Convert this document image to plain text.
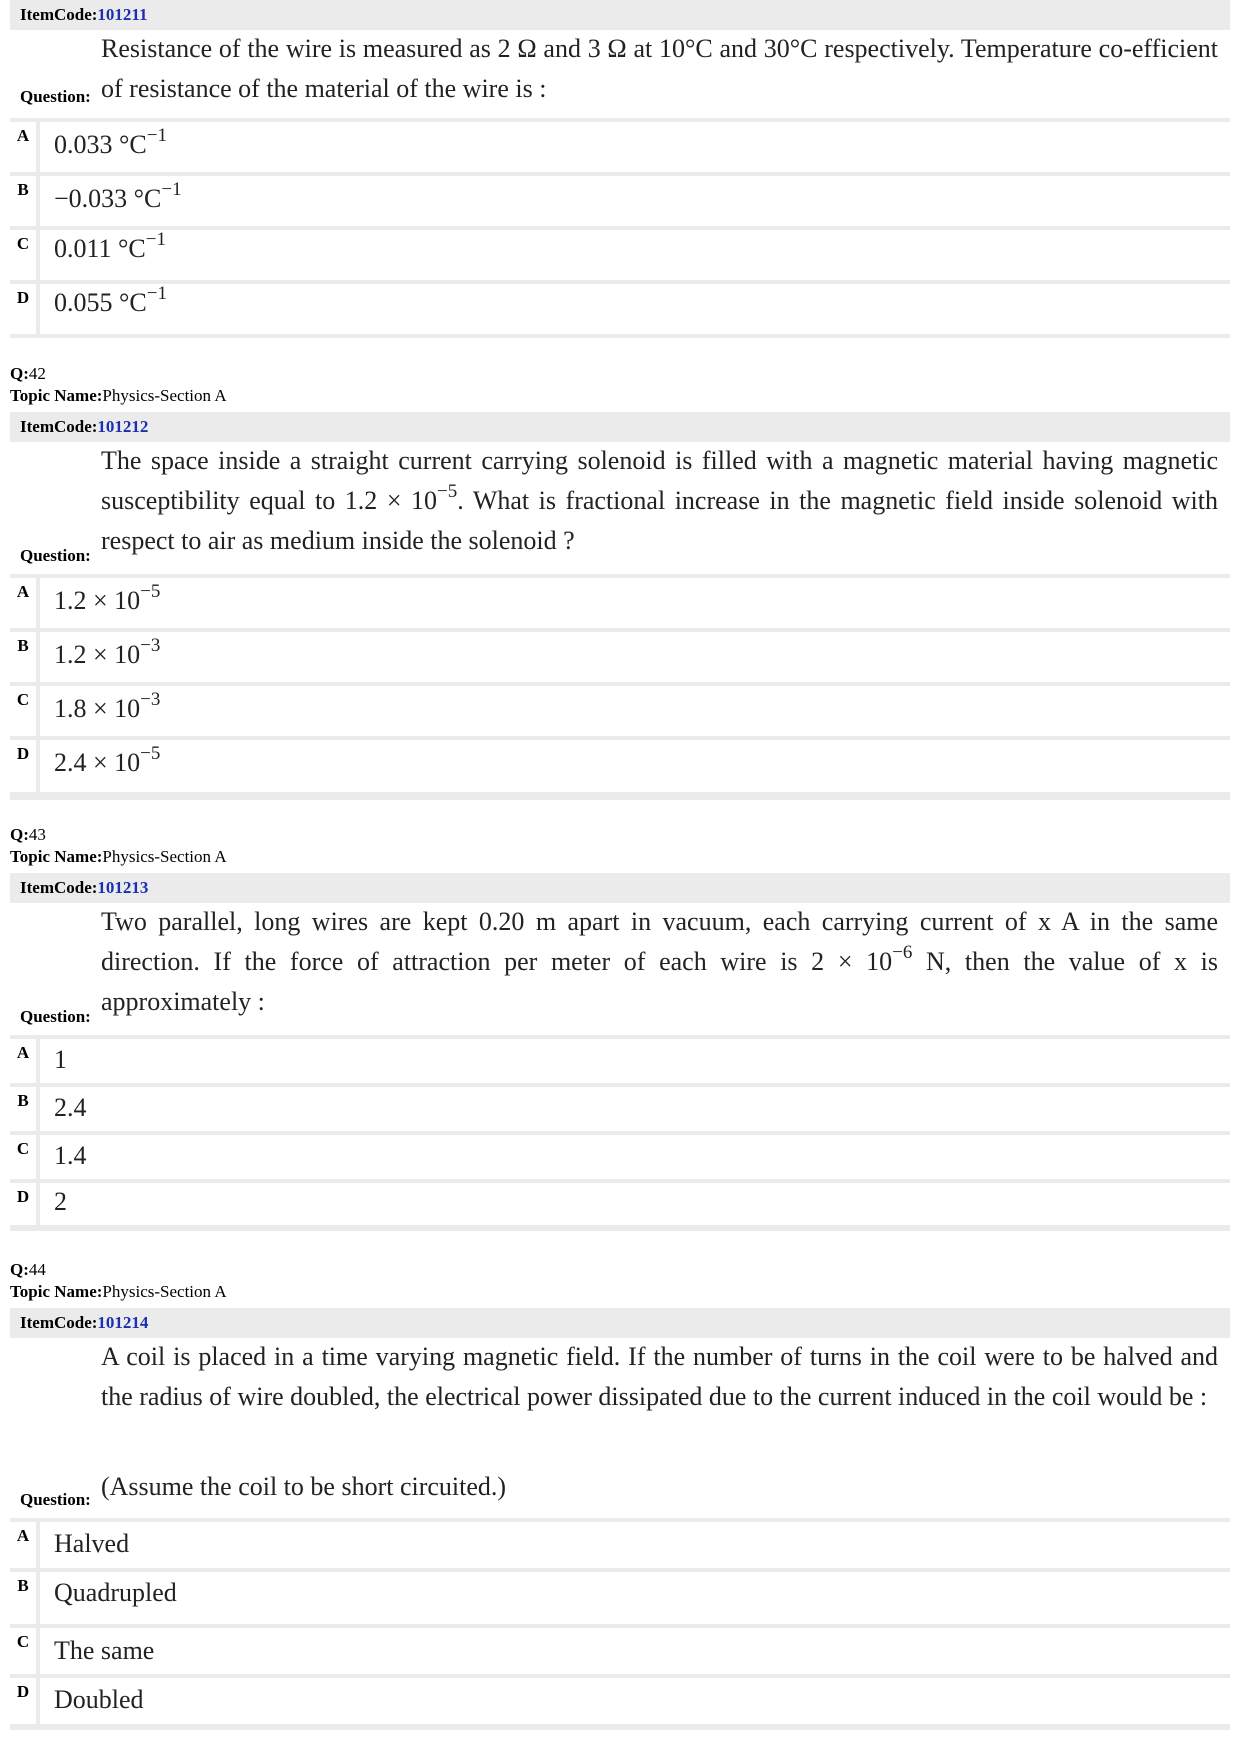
ItemCode:101211
Resistance of the wire is measured as 2 Ω and 3 Ω at 10°C and 30°C respectively. Temperature co-efficient of resistance of the material of the wire is :
Question:
A 0.033 $^\circ C^{-1}$
B −0.033 $^\circ C^{-1}$
C 0.011 $^\circ C^{-1}$
D 0.055 $^\circ C^{-1}$
Q:42
Topic Name:Physics-Section A
ItemCode:101212
The space inside a straight current carrying solenoid is filled with a magnetic material having magnetic susceptibility equal to $1.2 \times 10^{-5}$. What is fractional increase in the magnetic field inside solenoid with respect to air as medium inside the solenoid ?
Question:
A $1.2 \times 10^{-5}$
B $1.2 \times 10^{-3}$
C $1.8 \times 10^{-3}$
D $2.4 \times 10^{-5}$
Q:43
Topic Name:Physics-Section A
ItemCode:101213
Two parallel, long wires are kept 0.20 m apart in vacuum, each carrying current of x A in the same direction. If the force of attraction per meter of each wire is $2 \times 10^{-6}$ N, then the value of x is approximately :
Question:
A 1
B 2.4
C 1.4
D 2
Q:44
Topic Name:Physics-Section A
ItemCode:101214
A coil is placed in a time varying magnetic field. If the number of turns in the coil were to be halved and the radius of wire doubled, the electrical power dissipated due to the current induced in the coil would be :
(Assume the coil to be short circuited.)
Question:
A Halved
B Quadrupled
C The same
D Doubled
